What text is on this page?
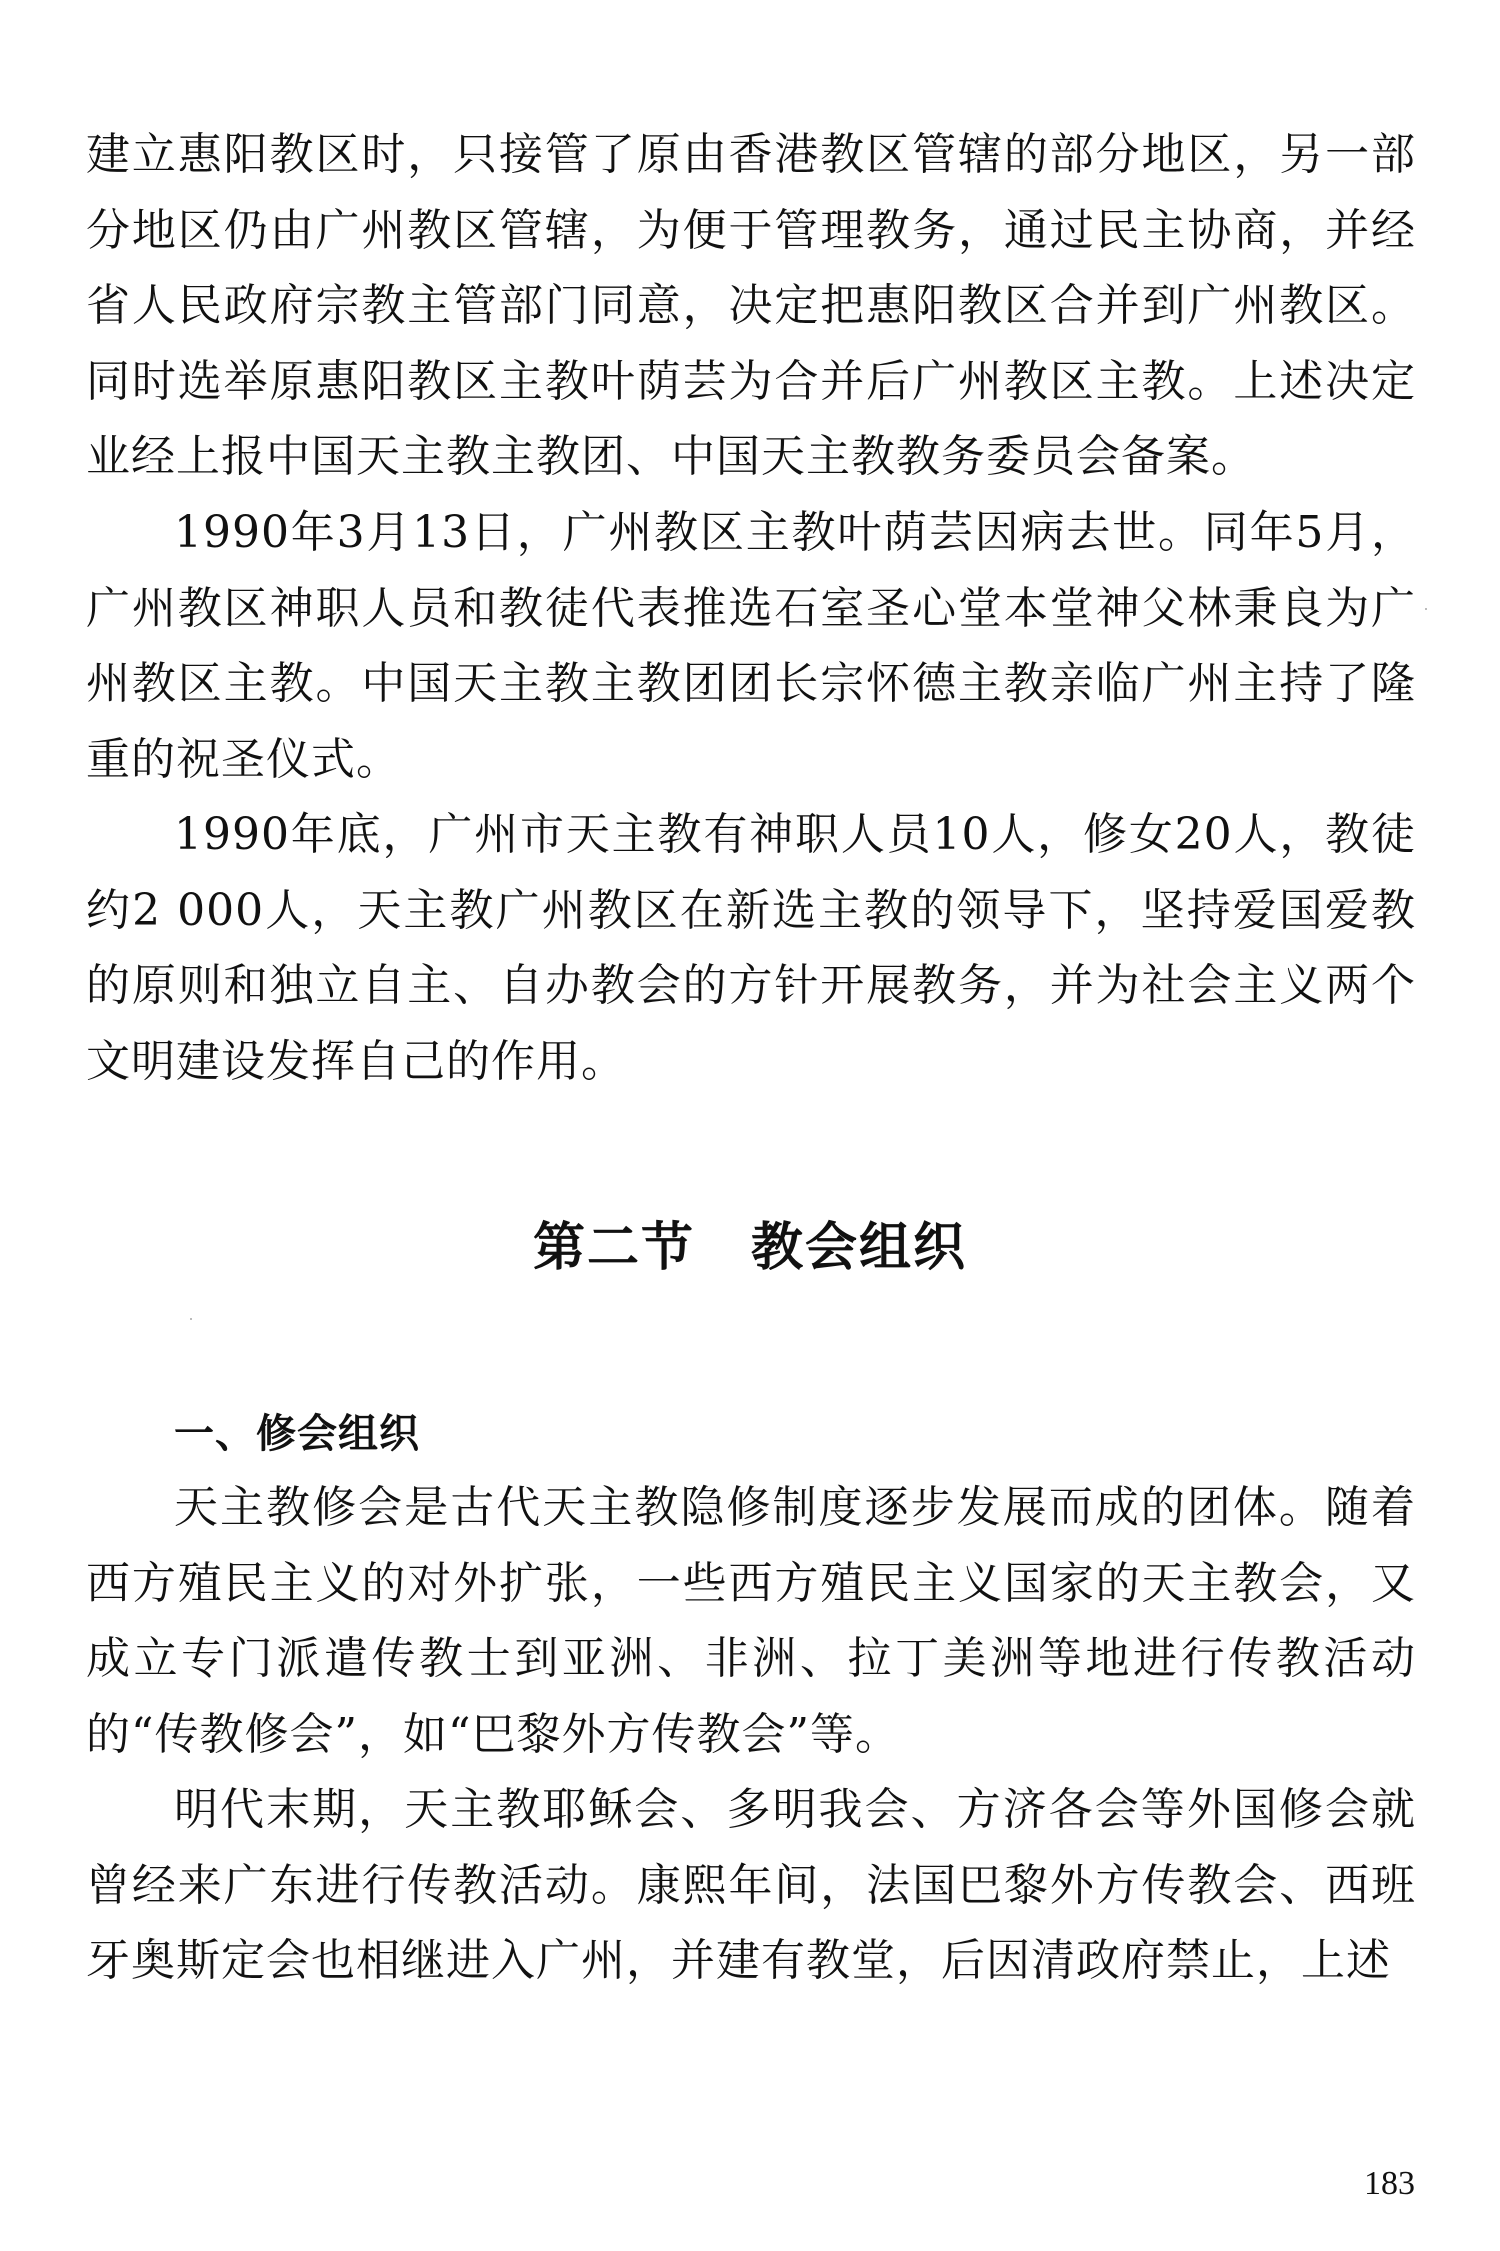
建立惠阳教区时，只接管了原由香港教区管辖的部分地区，另一部分地区仍由广州教区管辖，为便于管理教务，通过民主协商，并经省人民政府宗教主管部门同意，决定把惠阳教区合并到广州教区。同时选举原惠阳教区主教叶荫芸为合并后广州教区主教。上述决定业经上报中国天主教主教团、中国天主教教务委员会备案。

1990年3月13日，广州教区主教叶荫芸因病去世。同年5月，广州教区神职人员和教徒代表推选石室圣心堂本堂神父林秉良为广州教区主教。中国天主教主教团团长宗怀德主教亲临广州主持了隆重的祝圣仪式。

1990年底，广州市天主教有神职人员10人，修女20人，教徒约2 000人，天主教广州教区在新选主教的领导下，坚持爱国爱教的原则和独立自主、自办教会的方针开展教务，并为社会主义两个文明建设发挥自己的作用。

第二节 教会组织
一、修会组织

天主教修会是古代天主教隐修制度逐步发展而成的团体。随着西方殖民主义的对外扩张，一些西方殖民主义国家的天主教会，又成立专门派遣传教士到亚洲、非洲、拉丁美洲等地进行传教活动的“传教修会”，如“巴黎外方传教会”等。

明代末期，天主教耶稣会、多明我会、方济各会等外国修会就曾经来广东进行传教活动。康熙年间，法国巴黎外方传教会、西班牙奥斯定会也相继进入广州，并建有教堂，后因清政府禁止，上述

183
